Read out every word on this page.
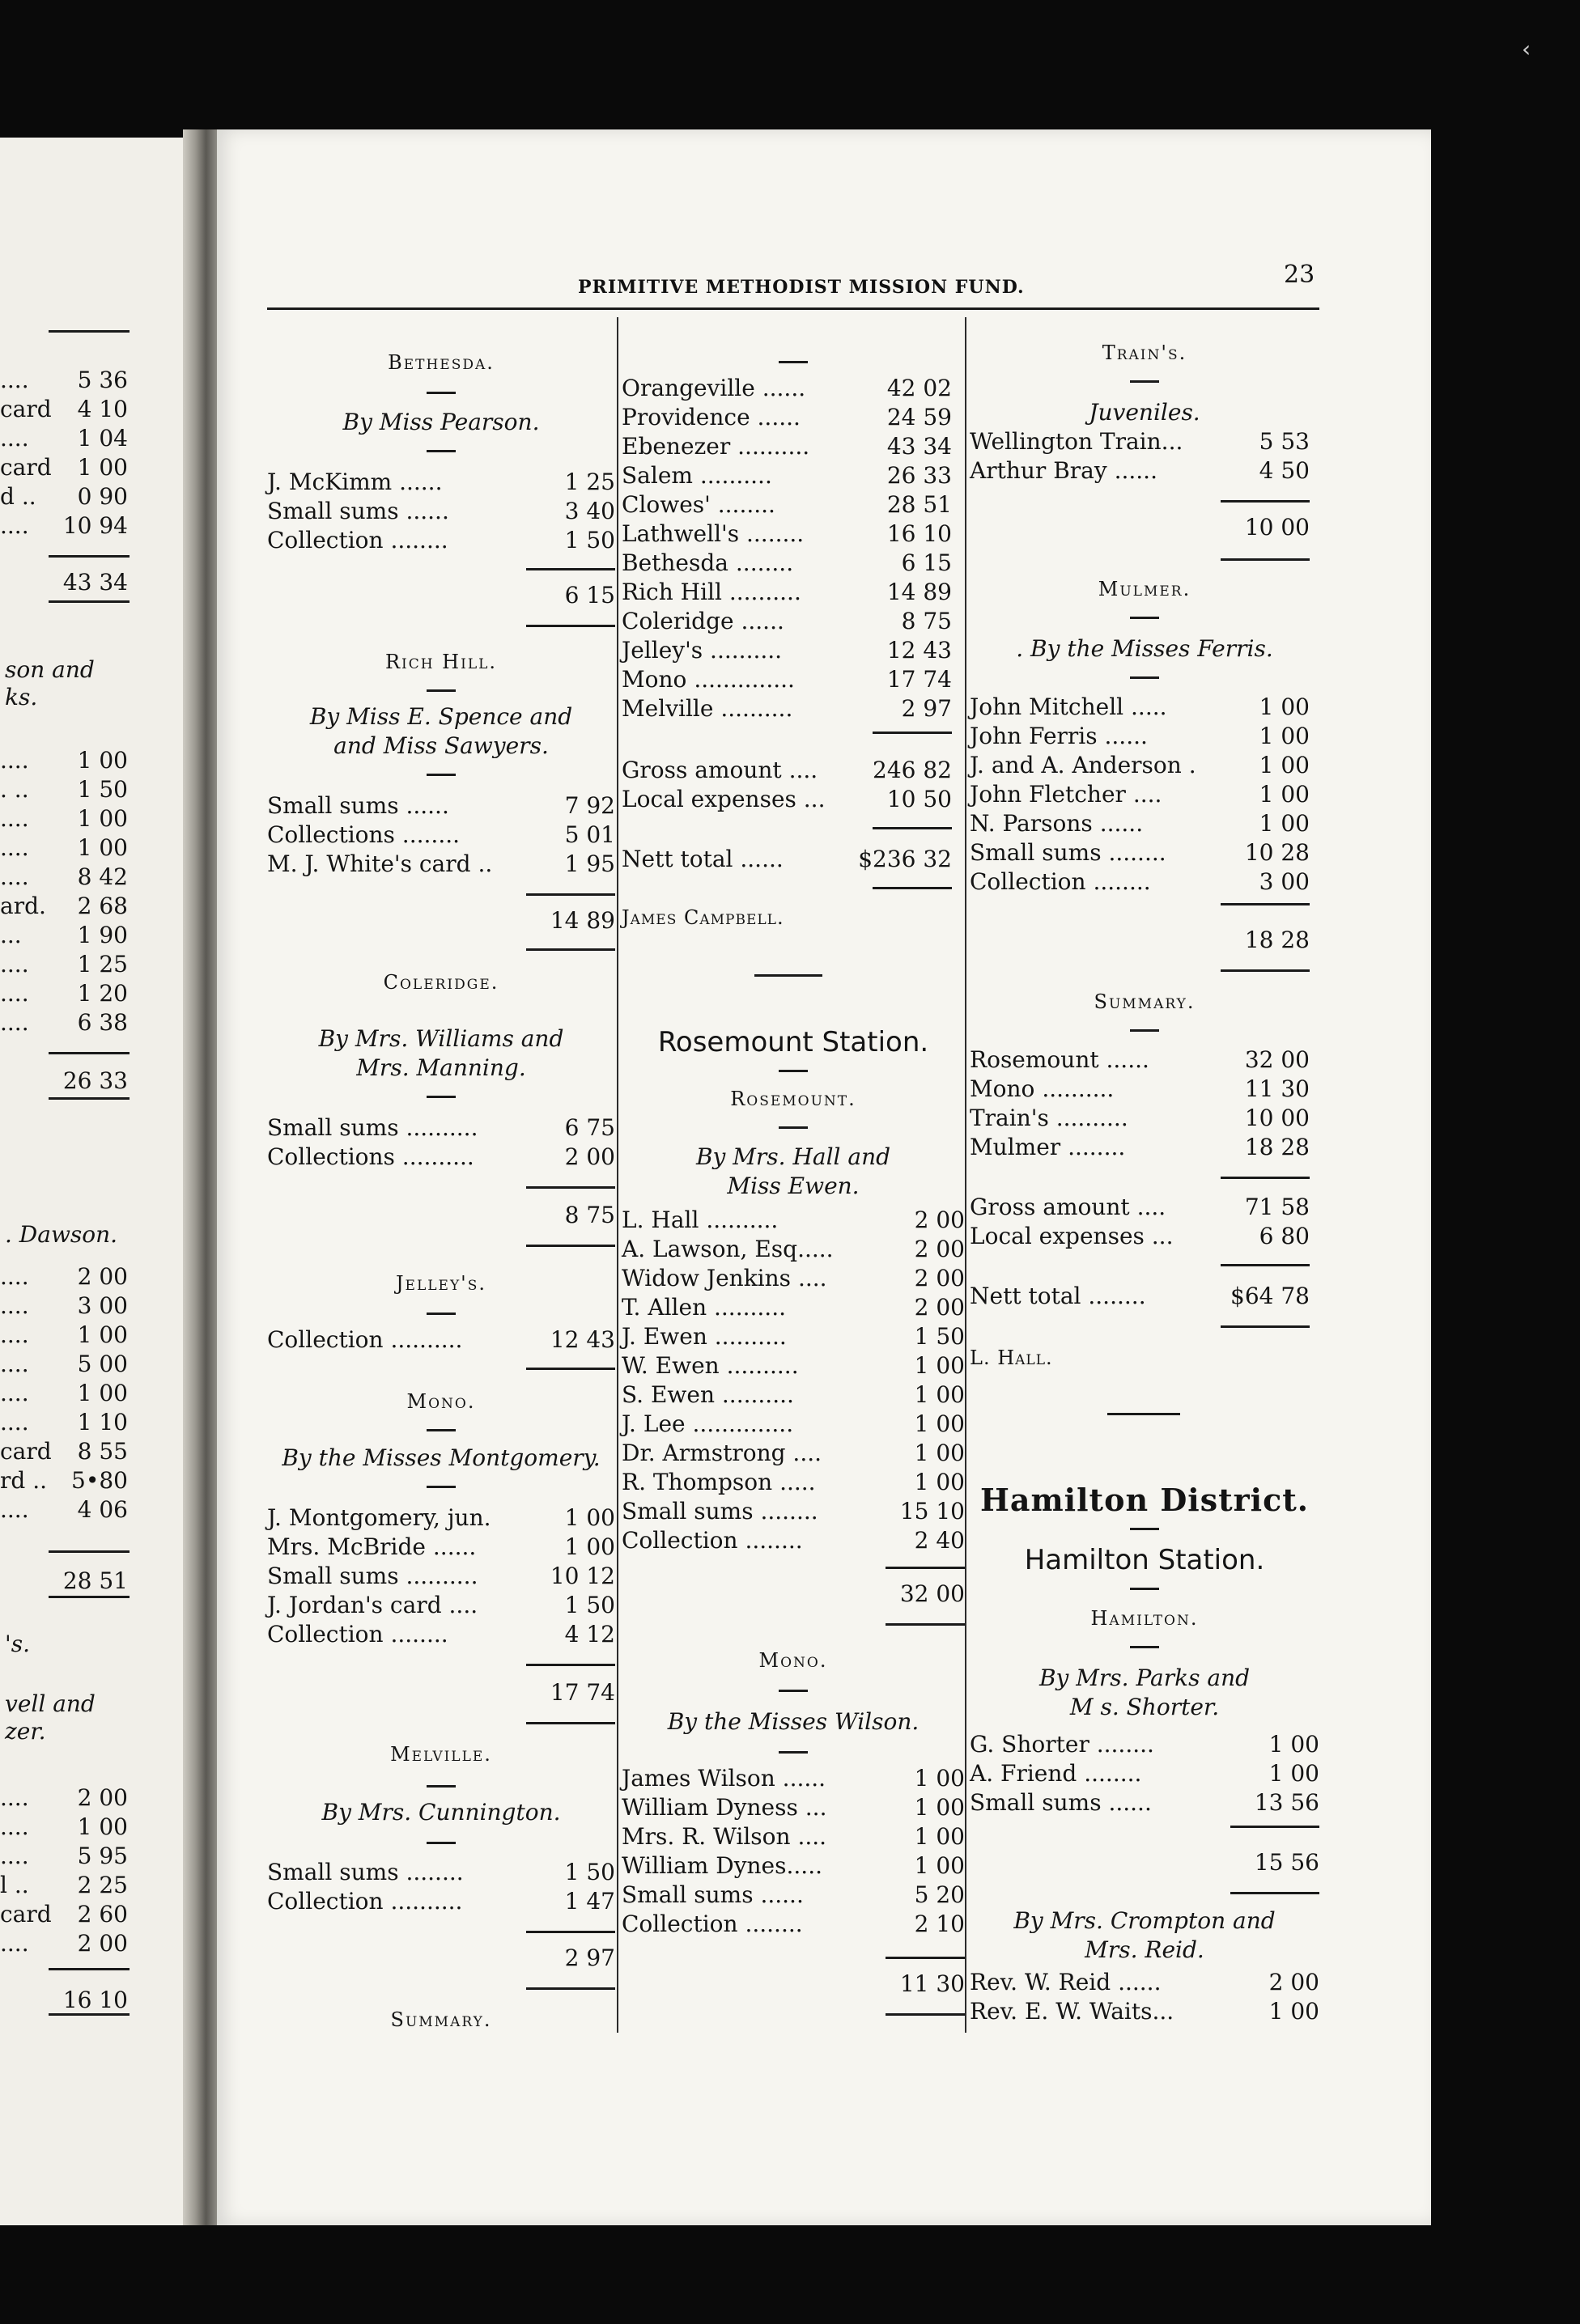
.... 5 36
card 4 10
.... 1 04
card 1 00
d .. 0 90
.... 10 94
43 34
son and
ks.
.... 1 00
. .. 1 50
.... 1 00
.... 1 00
.... 8 42
ard. 2 68
... 1 90
.... 1 25
.... 1 20
.... 6 38
26 33
. Dawson.
.... 2 00
.... 3 00
.... 1 00
.... 5 00
.... 1 00
.... 1 10
card 8 55
rd .. 5•80
.... 4 06
28 51
's.
vell and
zer.
.... 2 00
.... 1 00
.... 5 95
l .. 2 25
card 2 60
.... 2 00
16 10
‹
PRIMITIVE METHODIST MISSION FUND.	23
Bethesda.
By Miss Pearson.
J. McKimm ......	1 25
Small sums ......	3 40
Collection ........	1 50
6 15
Rich Hill.
By Miss E. Spence and
and Miss Sawyers.
Small sums ......	7 92
Collections ........	5 01
M. J. White's card ..	1 95
14 89
Coleridge.
By Mrs. Williams and
Mrs. Manning.
Small sums ..........	6 75
Collections ..........	2 00
8 75
Jelley's.
Collection ..........	12 43
Mono.
By the Misses Montgomery.
J. Montgomery, jun.	1 00
Mrs. McBride ......	1 00
Small sums ..........	10 12
J. Jordan's card ....	1 50
Collection ........	4 12
17 74
Melville.
By Mrs. Cunnington.
Small sums ........	1 50
Collection ..........	1 47
2 97
Summary.
Orangeville ......	42 02
Providence ......	24 59
Ebenezer ..........	43 34
Salem ..........	26 33
Clowes' ........	28 51
Lathwell's ........	16 10
Bethesda ........	6 15
Rich Hill ..........	14 89
Coleridge ......	8 75
Jelley's ..........	12 43
Mono ..............	17 74
Melville ..........	2 97
Gross amount .... 246 82
Local expenses ...	10 50
Nett total ......	$236 32
James Campbell.
Rosemount Station.
Rosemount.
By Mrs. Hall and
Miss Ewen.
L. Hall ..........	2 00
A. Lawson, Esq.....	2 00
Widow Jenkins ....	2 00
T. Allen ..........	2 00
J. Ewen ..........	1 50
W. Ewen ..........	1 00
S. Ewen ..........	1 00
J. Lee ..............	1 00
Dr. Armstrong ....	1 00
R. Thompson .....	1 00
Small sums ........	15 10
Collection ........	2 40
32 00
Mono.
By the Misses Wilson.
James Wilson ......	1 00
William Dyness ...	1 00
Mrs. R. Wilson ....	1 00
William Dynes.....	1 00
Small sums ......	5 20
Collection ........	2 10
11 30
Train's.
Juveniles.
Wellington Train...	5 53
Arthur Bray ......	4 50
10 00
Mulmer.
. By the Misses Ferris.
John Mitchell .....	1 00
John Ferris ......	1 00
J. and A. Anderson .	1 00
John Fletcher ....	1 00
N. Parsons ......	1 00
Small sums ........	10 28
Collection ........	3 00
18 28
Summary.
Rosemount ......	32 00
Mono ..........	11 30
Train's ..........	10 00
Mulmer ........	18 28
Gross amount ....	71 58
Local expenses ...	6 80
Nett total ........	$64 78
L. Hall.
Hamilton District.
Hamilton Station.
Hamilton.
By Mrs. Parks and
M s. Shorter.
G. Shorter ........	1 00
A. Friend ........	1 00
Small sums ......	13 56
15 56
By Mrs. Crompton and
Mrs. Reid.
Rev. W. Reid ......	2 00
Rev. E. W. Waits...	1 00
